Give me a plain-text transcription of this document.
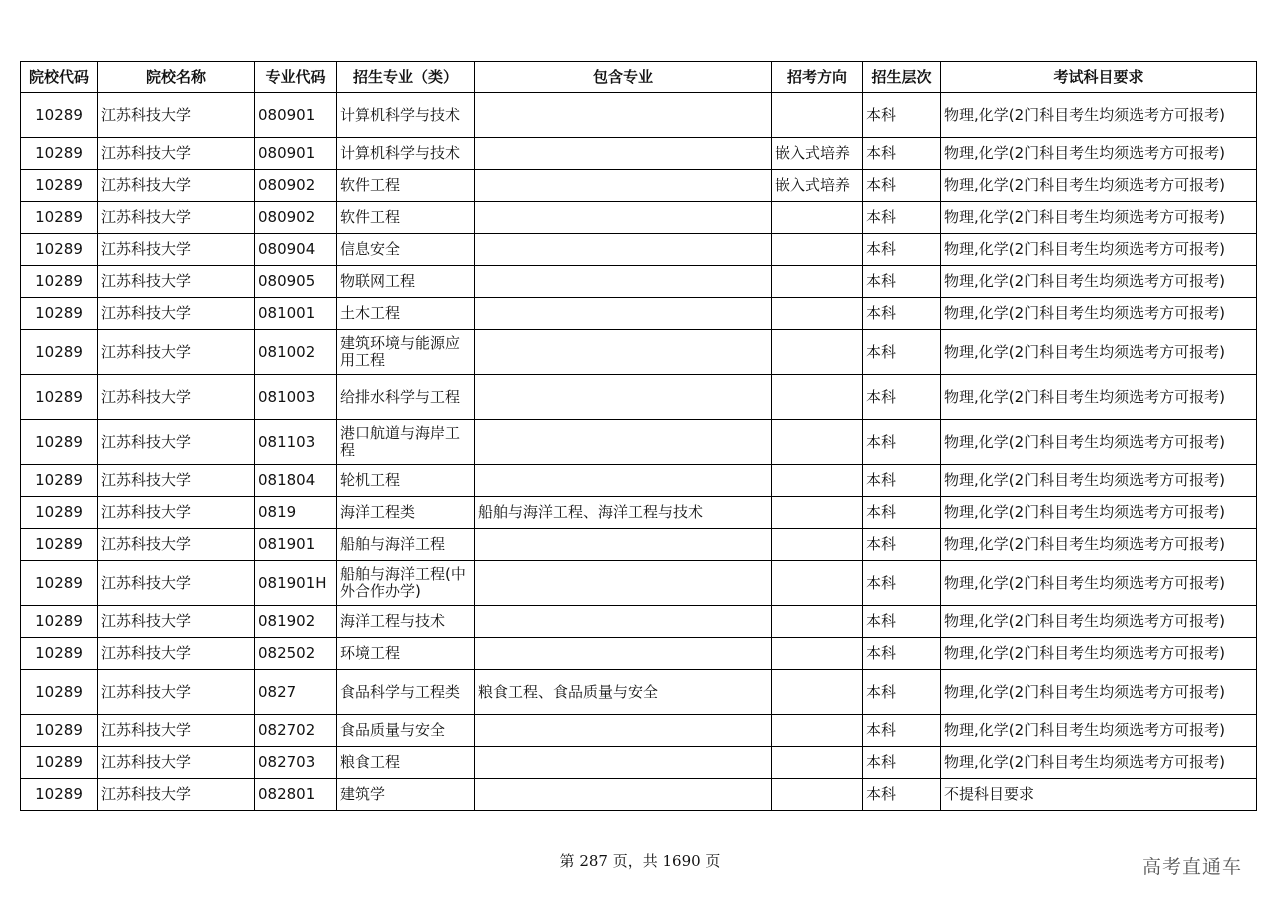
院校代码	院校名称	专业代码	招生专业（类）	包含专业	招考方向	招生层次	考试科目要求
10289	江苏科技大学	080901	计算机科学与技术			本科	物理,化学(2门科目考生均须选考方可报考)
10289	江苏科技大学	080901	计算机科学与技术		嵌入式培养	本科	物理,化学(2门科目考生均须选考方可报考)
10289	江苏科技大学	080902	软件工程		嵌入式培养	本科	物理,化学(2门科目考生均须选考方可报考)
10289	江苏科技大学	080902	软件工程			本科	物理,化学(2门科目考生均须选考方可报考)
10289	江苏科技大学	080904	信息安全			本科	物理,化学(2门科目考生均须选考方可报考)
10289	江苏科技大学	080905	物联网工程			本科	物理,化学(2门科目考生均须选考方可报考)
10289	江苏科技大学	081001	土木工程			本科	物理,化学(2门科目考生均须选考方可报考)
10289	江苏科技大学	081002	建筑环境与能源应用工程			本科	物理,化学(2门科目考生均须选考方可报考)
10289	江苏科技大学	081003	给排水科学与工程			本科	物理,化学(2门科目考生均须选考方可报考)
10289	江苏科技大学	081103	港口航道与海岸工程			本科	物理,化学(2门科目考生均须选考方可报考)
10289	江苏科技大学	081804	轮机工程			本科	物理,化学(2门科目考生均须选考方可报考)
10289	江苏科技大学	0819	海洋工程类	船舶与海洋工程、海洋工程与技术		本科	物理,化学(2门科目考生均须选考方可报考)
10289	江苏科技大学	081901	船舶与海洋工程			本科	物理,化学(2门科目考生均须选考方可报考)
10289	江苏科技大学	081901H	船舶与海洋工程(中外合作办学)			本科	物理,化学(2门科目考生均须选考方可报考)
10289	江苏科技大学	081902	海洋工程与技术			本科	物理,化学(2门科目考生均须选考方可报考)
10289	江苏科技大学	082502	环境工程			本科	物理,化学(2门科目考生均须选考方可报考)
10289	江苏科技大学	0827	食品科学与工程类	粮食工程、食品质量与安全		本科	物理,化学(2门科目考生均须选考方可报考)
10289	江苏科技大学	082702	食品质量与安全			本科	物理,化学(2门科目考生均须选考方可报考)
10289	江苏科技大学	082703	粮食工程			本科	物理,化学(2门科目考生均须选考方可报考)
10289	江苏科技大学	082801	建筑学			本科	不提科目要求
第 287 页，共 1690 页	高考直通车
